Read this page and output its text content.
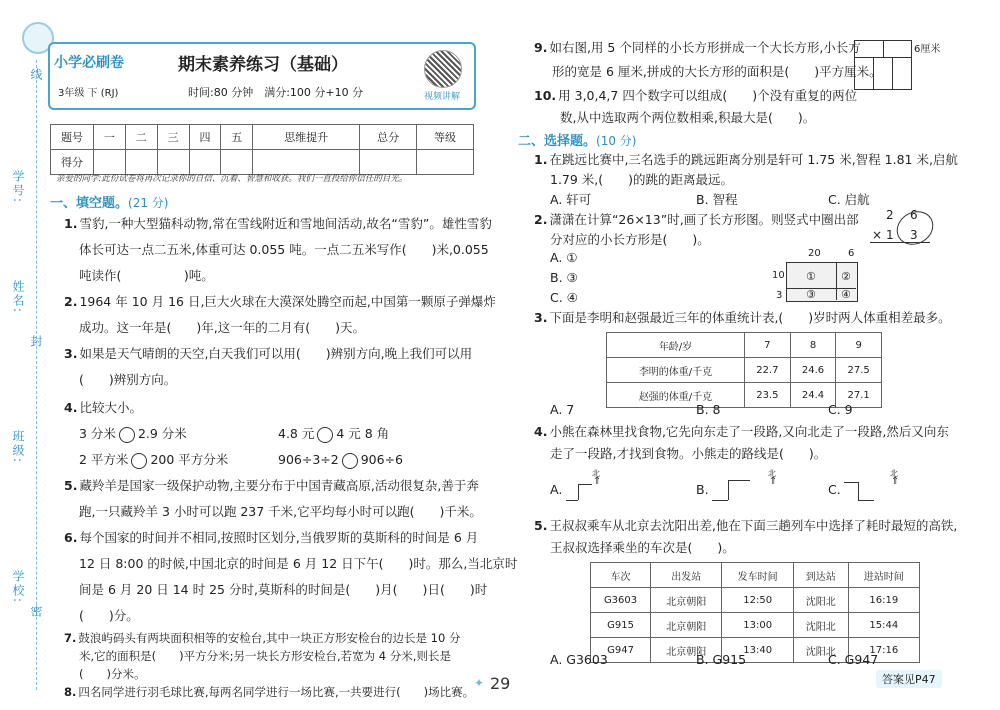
线
学号:
姓名:
封
班级:
学校:
密
小学必刷卷
3年级 下 (RJ)
期末素养练习（基础）
时间:80 分钟　满分:100 分+10 分	视频讲解
题号	一	二	三	四	五	思维提升	总分	等级
得分								
亲爱的同学:此份试卷将再次记录你的自信、沉着、智慧和收获。我们一直投给你信任的目光。
一、填空题。(21 分)
1. 雪豹,一种大型猫科动物,常在雪线附近和雪地间活动,故名“雪豹”。雄性雪豹
体长可达一点二五米,体重可达 0.055 吨。一点二五米写作(　　)米,0.055
吨读作(　　　　　)吨。
2. 1964 年 10 月 16 日,巨大火球在大漠深处腾空而起,中国第一颗原子弹爆炸
成功。这一年是(　　)年,这一年的二月有(　　)天。
3. 如果是天气晴朗的天空,白天我们可以用(　　)辨别方向,晚上我们可以用
(　　)辨别方向。
4. 比较大小。
3 分米 2.9 分米	4.8 元 4 元 8 角
2 平方米 200 平方分米	906÷3÷2 906÷6
5. 藏羚羊是国家一级保护动物,主要分布于中国青藏高原,活动很复杂,善于奔
跑,一只藏羚羊 3 小时可以跑 237 千米,它平均每小时可以跑(　　)千米。
6. 每个国家的时间并不相同,按照时区划分,当俄罗斯的莫斯科的时间是 6 月
12 日 8:00 的时候,中国北京的时间是 6 月 12 日下午(　　)时。那么,当北京时
间是 6 月 20 日 14 时 25 分时,莫斯科的时间是(　　)月(　　)日(　　)时
(　　)分。
7. 鼓浪屿码头有两块面积相等的安检台,其中一块正方形安检台的边长是 10 分
米,它的面积是(　　)平方分米;另一块长方形安检台,若宽为 4 分米,则长是
(　　)分米。
8. 四名同学进行羽毛球比赛,每两名同学进行一场比赛,一共要进行(　　)场比赛。
9. 如右图,用 5 个同样的小长方形拼成一个大长方形,小长方
形的宽是 6 厘米,拼成的大长方形的面积是(　　)平方厘米。
6厘米
10. 用 3,0,4,7 四个数字可以组成(　　)个没有重复的两位
数,从中选取两个两位数相乘,积最大是(　　)。
二、选择题。(10 分)
1. 在跳远比赛中,三名选手的跳远距离分别是轩可 1.75 米,智程 1.81 米,启航
1.79 米,(　　)的跳的距离最远。
A. 轩可	B. 智程	C. 启航
2. 潇潇在计算“26×13”时,画了长方形图。则竖式中圈出部
分对应的小长方形是(　　)。
A. ①
B. ③
C. ④
2 6
× 1 3
20	6
10
3
① ②
③ ④
3. 下面是李明和赵强最近三年的体重统计表,(　　)岁时两人体重相差最多。
年龄/岁	7	8	9
李明的体重/千克	22.7	24.6	27.5
赵强的体重/千克	23.5	24.4	27.1
A. 7	B. 8	C. 9
4. 小熊在森林里找食物,它先向东走了一段路,又向北走了一段路,然后又向东
走了一段路,才找到食物。小熊走的路线是(　　)。
A.	B.	C.
北
⇑
北
⇑
北
⇑
5. 王叔叔乘车从北京去沈阳出差,他在下面三趟列车中选择了耗时最短的高铁,
王叔叔选择乘坐的车次是(　　)。
车次	出发站	发车时间	到达站	进站时间
G3603	北京朝阳	12:50	沈阳北	16:19
G915	北京朝阳	13:00	沈阳北	15:44
G947	北京朝阳	13:40	沈阳北	17:16
A. G3603	B. G915	C. G947
29
✦	答案见P47
